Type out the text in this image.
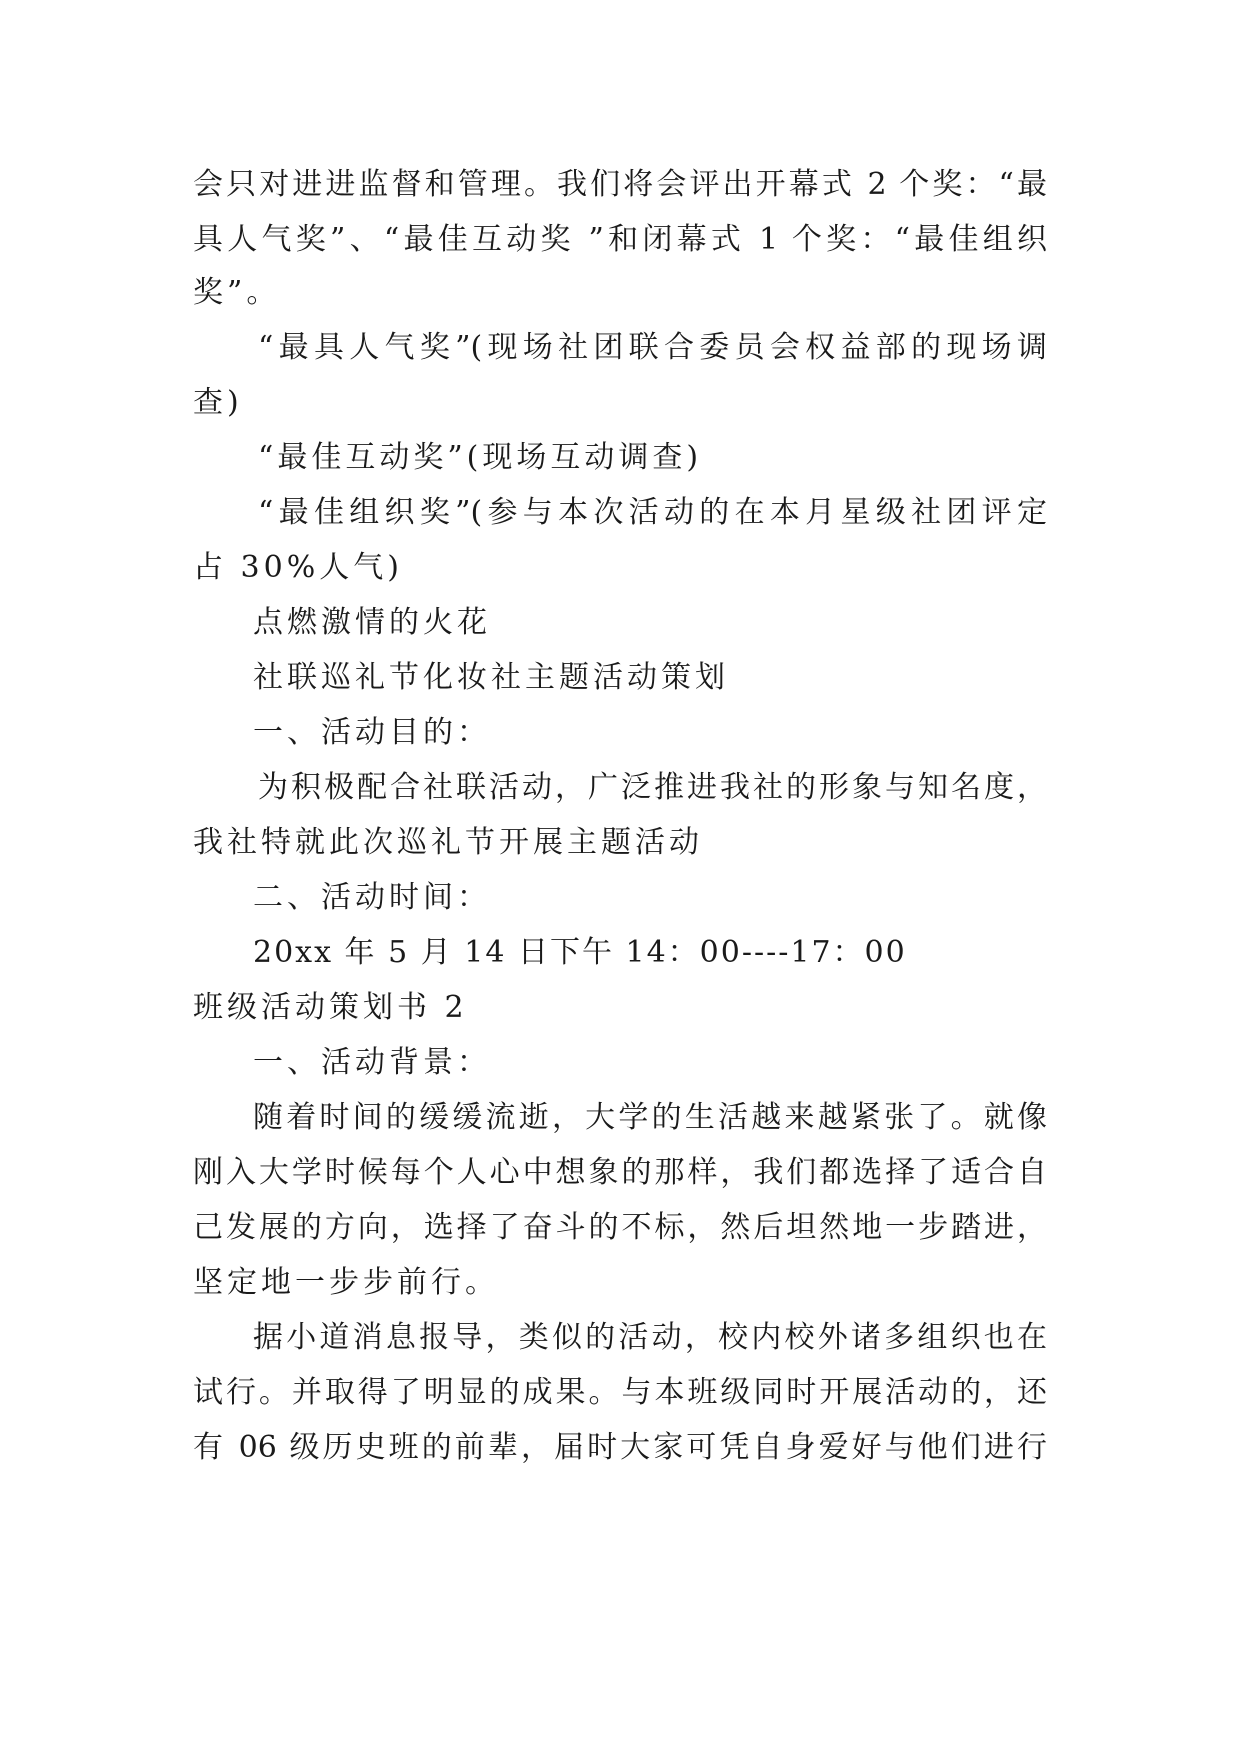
会只对进进监督和管理。我们将会评出开幕式 2 个奖：“最
具人气奖”、“最佳互动奖 ”和闭幕式 1 个奖：“最佳组织
奖”。
“最具人气奖”(现场社团联合委员会权益部的现场调
查)
“最佳互动奖”(现场互动调查)
“最佳组织奖”(参与本次活动的在本月星级社团评定
占 30%人气)
点燃激情的火花
社联巡礼节化妆社主题活动策划
一、活动目的：
为积极配合社联活动，广泛推进我社的形象与知名度，
我社特就此次巡礼节开展主题活动
二、活动时间：
20xx 年 5 月 14 日下午 14：00----17：00
班级活动策划书 2
一、活动背景：
随着时间的缓缓流逝，大学的生活越来越紧张了。就像
刚入大学时候每个人心中想象的那样，我们都选择了适合自
己发展的方向，选择了奋斗的不标，然后坦然地一步踏进，
坚定地一步步前行。
据小道消息报导，类似的活动，校内校外诸多组织也在
试行。并取得了明显的成果。与本班级同时开展活动的，还
有 06 级历史班的前辈，届时大家可凭自身爱好与他们进行
